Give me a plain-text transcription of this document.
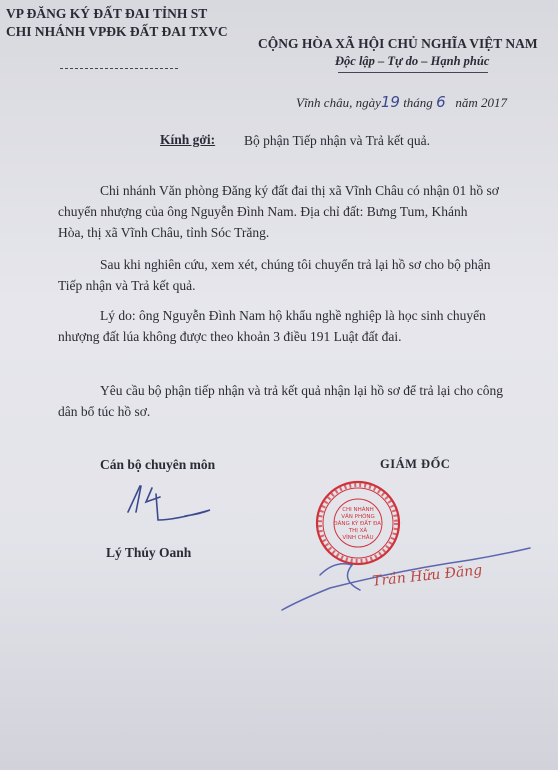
VP ĐĂNG KÝ ĐẤT ĐAI TỈNH ST
CHI NHÁNH VPĐK ĐẤT ĐAI TXVC
CỘNG HÒA XÃ HỘI CHỦ NGHĨA VIỆT NAM
Độc lập – Tự do – Hạnh phúc
Vĩnh châu, ngày19 tháng 6 năm 2017
Kính gởi: Bộ phận Tiếp nhận và Trả kết quả.
Chi nhánh Văn phòng Đăng ký đất đai thị xã Vĩnh Châu có nhận 01 hồ sơ
chuyển nhượng của ông Nguyễn Đình Nam. Địa chỉ đất: Bưng Tum, Khánh
Hòa, thị xã Vĩnh Châu, tỉnh Sóc Trăng.
Sau khi nghiên cứu, xem xét, chúng tôi chuyển trả lại hồ sơ cho bộ phận
Tiếp nhận và Trả kết quả.
Lý do: ông Nguyễn Đình Nam hộ khẩu nghề nghiệp là học sinh chuyển
nhượng đất lúa không được theo khoản 3 điều 191 Luật đất đai.
Yêu cầu bộ phận tiếp nhận và trả kết quả nhận lại hồ sơ để trả lại cho công
dân bổ túc hồ sơ.
Cán bộ chuyên môn	GIÁM ĐỐC
CHI NHÁNH
VĂN PHÒNG
ĐĂNG KÝ ĐẤT ĐAI
THỊ XÃ
VĨNH CHÂU
Lý Thúy Oanh
Trần Hữu Đăng
